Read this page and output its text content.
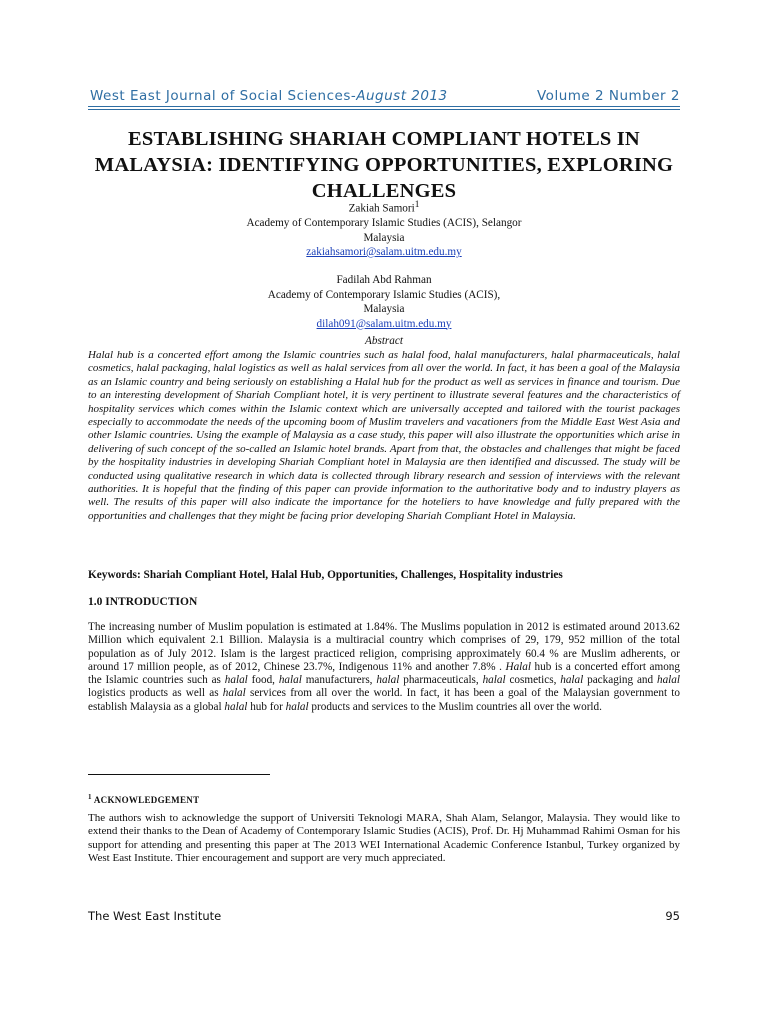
West East Journal of Social Sciences-August 2013	Volume 2 Number 2
ESTABLISHING SHARIAH COMPLIANT HOTELS IN MALAYSIA: IDENTIFYING OPPORTUNITIES, EXPLORING CHALLENGES

Zakiah Samori$^1$

Academy of Contemporary Islamic Studies (ACIS), Selangor

Malaysia

zakiahsamori@salam.uitm.edu.my

Fadilah Abd Rahman

Academy of Contemporary Islamic Studies (ACIS),

Malaysia

dilah091@salam.uitm.edu.my

Abstract

Halal hub is a concerted effort among the Islamic countries such as halal food, halal manufacturers, halal pharmaceuticals, halal cosmetics, halal packaging, halal logistics as well as halal services from all over the world. In fact, it has been a goal of the Malaysia as an Islamic country and being seriously on establishing a Halal hub for the product as well as services in finance and tourism. Due to an interesting development of Shariah Compliant hotel, it is very pertinent to illustrate several features and the characteristics of hospitality services which comes within the Islamic context which are universally accepted and tailored with the tourist packages especially to accommodate the needs of the upcoming boom of Muslim travelers and vacationers from the Middle East West Asia and other Islamic countries. Using the example of Malaysia as a case study, this paper will also illustrate the opportunities which arise in delivering of such concept of the so-called an Islamic hotel brands. Apart from that, the obstacles and challenges that might be faced by the hospitality industries in developing Shariah Compliant hotel in Malaysia are then identified and discussed. The study will be conducted using qualitative research in which data is collected through library research and session of interviews with the relevant authorities. It is hopeful that the finding of this paper can provide information to the authoritative body and to industry players as well. The results of this paper will also indicate the importance for the hoteliers to have knowledge and fully prepared with the opportunities and challenges that they might be facing prior developing Shariah Compliant Hotel in Malaysia.

Keywords: Shariah Compliant Hotel, Halal Hub, Opportunities, Challenges, Hospitality industries
1.0 INTRODUCTION

The increasing number of Muslim population is estimated at 1.84%. The Muslims population in 2012 is estimated around 2013.62 Million which equivalent 2.1 Billion. Malaysia is a multiracial country which comprises of 29, 179, 952 million of the total population as of July 2012. Islam is the largest practiced religion, comprising approximately 60.4 % are Muslim adherents, or around 17 million people, as of 2012, Chinese 23.7%, Indigenous 11% and another 7.8% . Halal hub is a concerted effort among the Islamic countries such as halal food, halal manufacturers, halal pharmaceuticals, halal cosmetics, halal packaging and halal logistics products as well as halal services from all over the world. In fact, it has been a goal of the Malaysian government to establish Malaysia as a global halal hub for halal products and services to the Muslim countries all over the world.

$^1$ ACKNOWLEDGEMENT

The authors wish to acknowledge the support of Universiti Teknologi MARA, Shah Alam, Selangor, Malaysia. They would like to extend their thanks to the Dean of Academy of Contemporary Islamic Studies (ACIS), Prof. Dr. Hj Muhammad Rahimi Osman for his support for attending and presenting this paper at The 2013 WEI International Academic Conference Istanbul, Turkey organized by West East Institute. Thier encouragement and support are very much appreciated.

The West East Institute	95
